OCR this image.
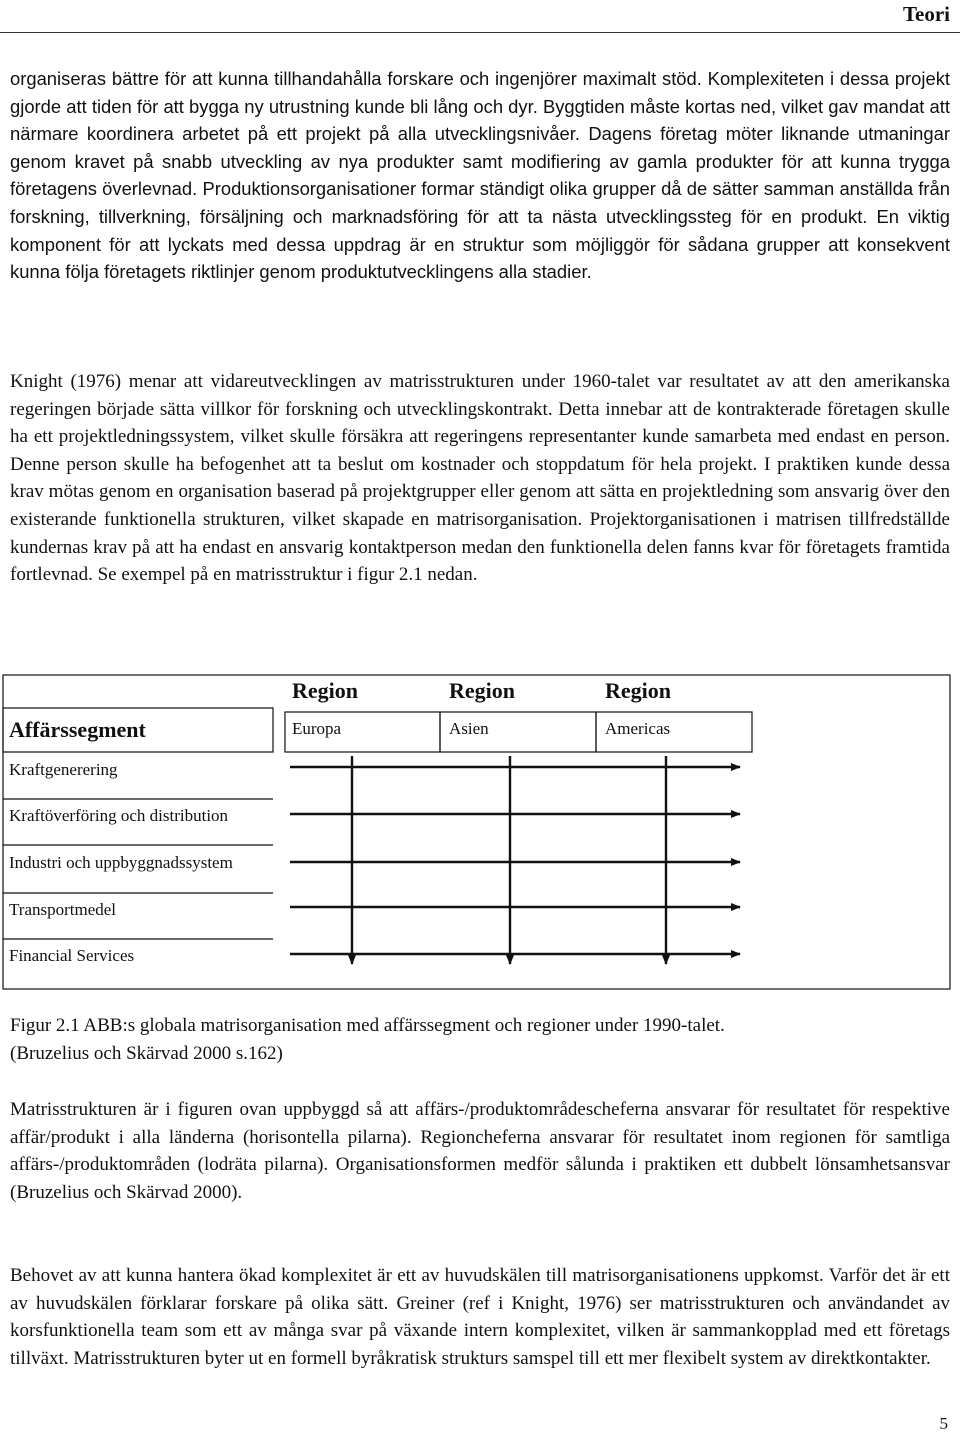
Teori

organiseras bättre för att kunna tillhandahålla forskare och ingenjörer maximalt stöd. Komplexiteten i dessa projekt gjorde att tiden för att bygga ny utrustning kunde bli lång och dyr. Byggtiden måste kortas ned, vilket gav mandat att närmare koordinera arbetet på ett projekt på alla utvecklingsnivåer. Dagens företag möter liknande utmaningar genom kravet på snabb utveckling av nya produkter samt modifiering av gamla produkter för att kunna trygga företagens överlevnad. Produktionsorganisationer formar ständigt olika grupper då de sätter samman anställda från forskning, tillverkning, försäljning och marknadsföring för att ta nästa utvecklingssteg för en produkt. En viktig komponent för att lyckats med dessa uppdrag är en struktur som möjliggör för sådana grupper att konsekvent kunna följa företagets riktlinjer genom produktutvecklingens alla stadier.

Knight (1976) menar att vidareutvecklingen av matrisstrukturen under 1960-talet var resultatet av att den amerikanska regeringen började sätta villkor för forskning och utvecklingskontrakt. Detta innebar att de kontrakterade företagen skulle ha ett projektledningssystem, vilket skulle försäkra att regeringens representanter kunde samarbeta med endast en person. Denne person skulle ha befogenhet att ta beslut om kostnader och stoppdatum för hela projekt. I praktiken kunde dessa krav mötas genom en organisation baserad på projektgrupper eller genom att sätta en projektledning som ansvarig över den existerande funktionella strukturen, vilket skapade en matrisorganisation. Projektorganisationen i matrisen tillfredställde kundernas krav på att ha endast en ansvarig kontaktperson medan den funktionella delen fanns kvar för företagets framtida fortlevnad. Se exempel på en matrisstruktur i figur 2.1 nedan.

Region	Region	Region
Europa	Asien	Americas
Affärssegment
Kraftgenerering
Kraftöverföring och distribution
Industri och uppbyggnadssystem
Transportmedel
Financial Services
Figur 2.1 ABB:s globala matrisorganisation med affärssegment och regioner under 1990-talet.
(Bruzelius och Skärvad 2000 s.162)

Matrisstrukturen är i figuren ovan uppbyggd så att affärs-/produktområdescheferna ansvarar för resultatet för respektive affär/produkt i alla länderna (horisontella pilarna). Regioncheferna ansvarar för resultatet inom regionen för samtliga affärs-/produktområden (lodräta pilarna). Organisationsformen medför sålunda i praktiken ett dubbelt lönsamhetsansvar (Bruzelius och Skärvad 2000).

Behovet av att kunna hantera ökad komplexitet är ett av huvudskälen till matrisorganisationens uppkomst. Varför det är ett av huvudskälen förklarar forskare på olika sätt. Greiner (ref i Knight, 1976) ser matrisstrukturen och användandet av korsfunktionella team som ett av många svar på växande intern komplexitet, vilken är sammankopplad med ett företags tillväxt. Matrisstrukturen byter ut en formell byråkratisk strukturs samspel till ett mer flexibelt system av direktkontakter.

5
